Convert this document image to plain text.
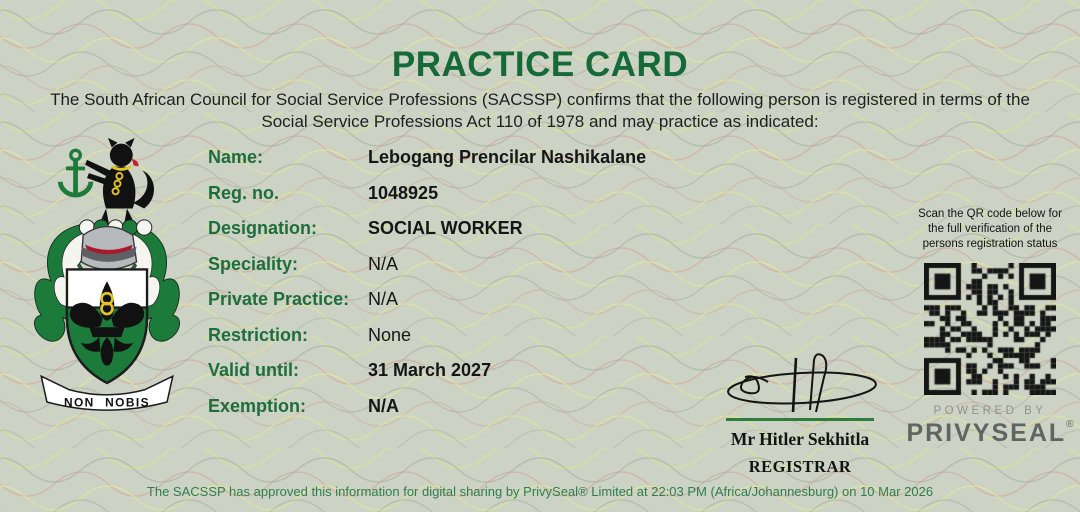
PRACTICE CARD

The South African Council for Social Service Professions (SACSSP) confirms that the following person is registered in terms of the Social Service Professions Act 110 of 1978 and may practice as indicated:

NON NOBIS
Name:	Lebogang Prencilar Nashikalane
Reg. no.	1048925
Designation:	SOCIAL WORKER
Speciality:	N/A
Private Practice:	N/A
Restriction:	None
Valid until:	31 March 2027
Exemption:	N/A
Mr Hitler Sekhitla
REGISTRAR
Scan the QR code below for the full verification of the persons registration status
POWERED BY
PRIVYSEAL®
The SACSSP has approved this information for digital sharing by PrivySeal® Limited at 22:03 PM (Africa/Johannesburg) on 10 Mar 2026
